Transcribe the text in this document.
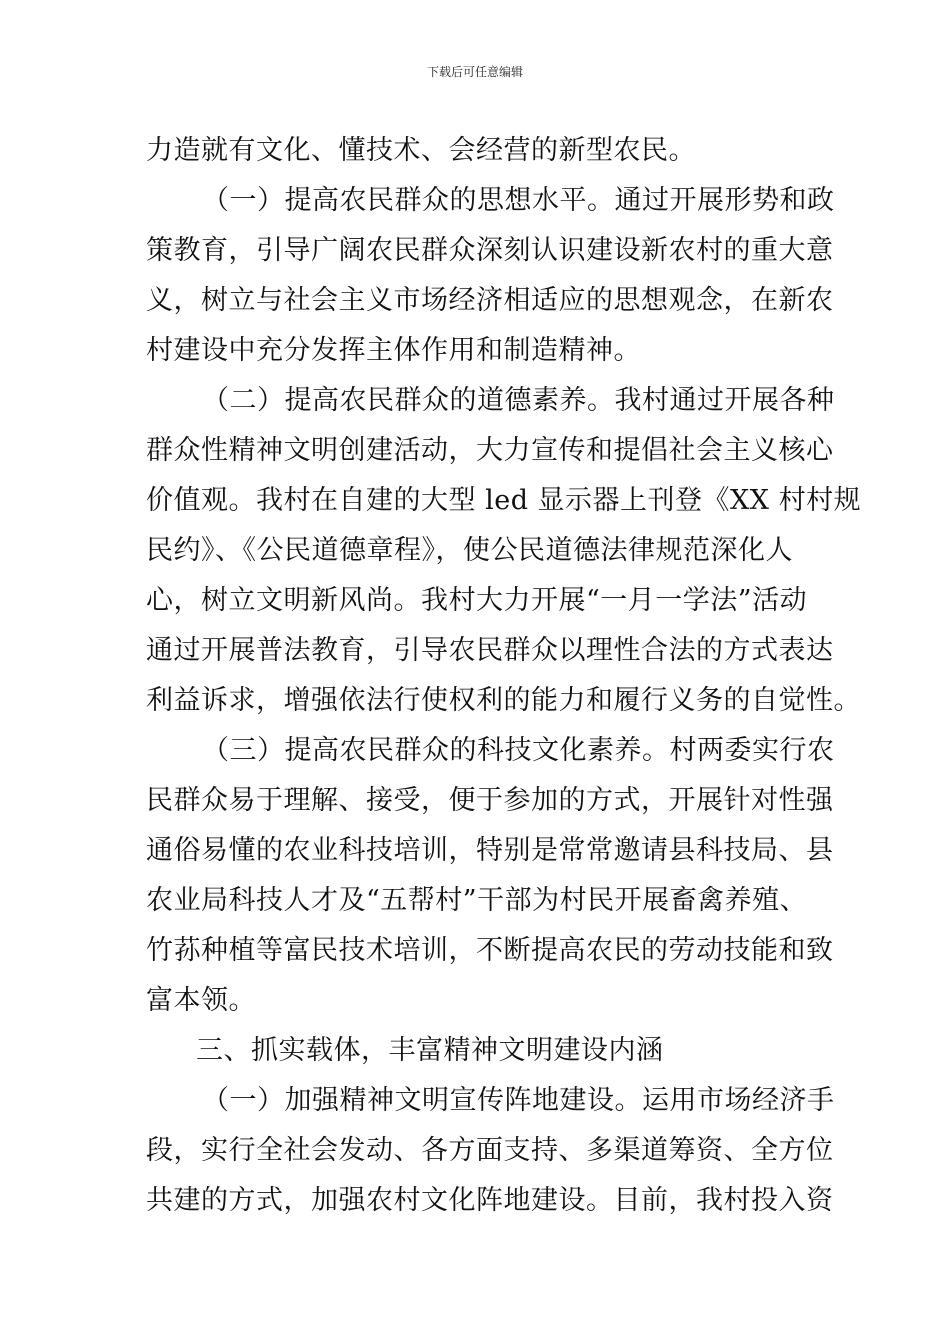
下载后可任意编辑
力造就有文化、懂技术、会经营的新型农民。
（一）提高农民群众的思想水平。通过开展形势和政
策教育，引导广阔农民群众深刻认识建设新农村的重大意
义，树立与社会主义市场经济相适应的思想观念，在新农
村建设中充分发挥主体作用和制造精神。
（二）提高农民群众的道德素养。我村通过开展各种
群众性精神文明创建活动，大力宣传和提倡社会主义核心
价值观。我村在自建的大型 led 显示器上刊登《XX 村村规
民约》、《公民道德章程》，使公民道德法律规范深化人
心，树立文明新风尚。我村大力开展“一月一学法”活动
通过开展普法教育，引导农民群众以理性合法的方式表达
利益诉求，增强依法行使权利的能力和履行义务的自觉性。
（三）提高农民群众的科技文化素养。村两委实行农
民群众易于理解、接受，便于参加的方式，开展针对性强
通俗易懂的农业科技培训，特别是常常邀请县科技局、县
农业局科技人才及“五帮村”干部为村民开展畜禽养殖、
竹荪种植等富民技术培训，不断提高农民的劳动技能和致
富本领。
三、抓实载体，丰富精神文明建设内涵
（一）加强精神文明宣传阵地建设。运用市场经济手
段，实行全社会发动、各方面支持、多渠道筹资、全方位
共建的方式，加强农村文化阵地建设。目前，我村投入资
